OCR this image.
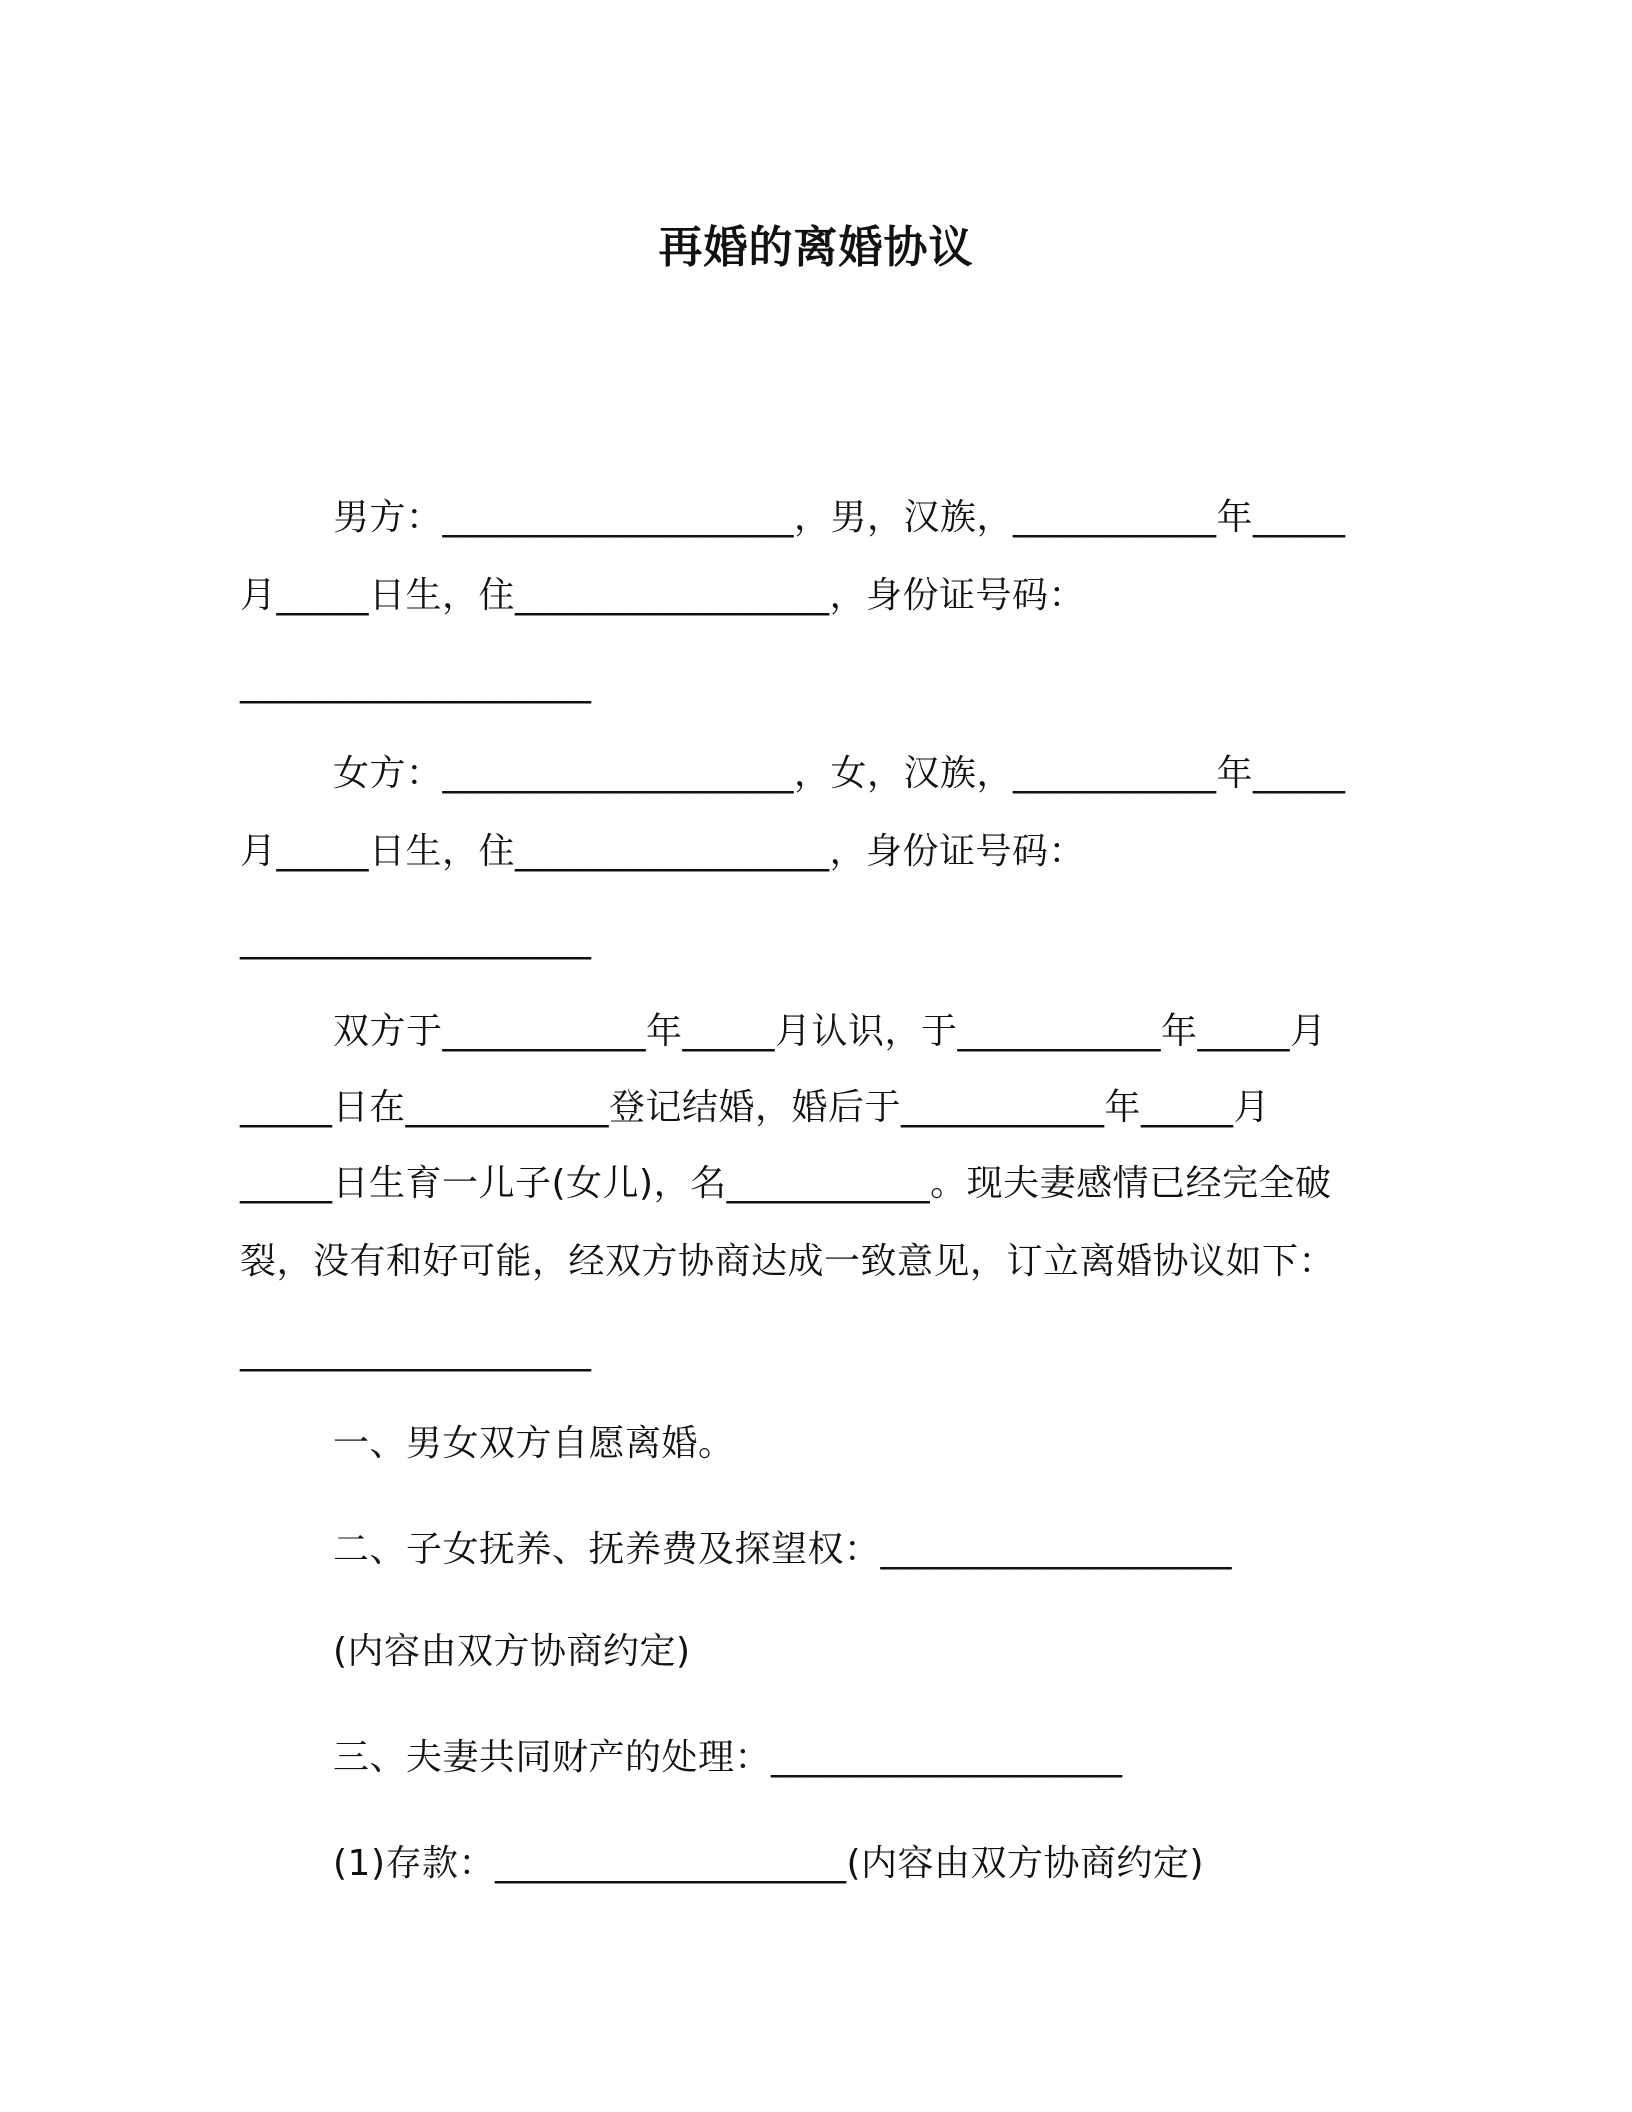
再婚的离婚协议
男方：___________________，男，汉族，___________年_____
月_____日生，住_________________，身份证号码：
___________________
女方：___________________，女，汉族，___________年_____
月_____日生，住_________________，身份证号码：
___________________
双方于___________年_____月认识，于___________年_____月
_____日在___________登记结婚，婚后于___________年_____月
_____日生育一儿子(女儿)，名___________。现夫妻感情已经完全破
裂，没有和好可能，经双方协商达成一致意见，订立离婚协议如下：
___________________
一、男女双方自愿离婚。
二、子女抚养、抚养费及探望权：___________________
(内容由双方协商约定)
三、夫妻共同财产的处理：___________________
(1)存款：___________________(内容由双方协商约定)
